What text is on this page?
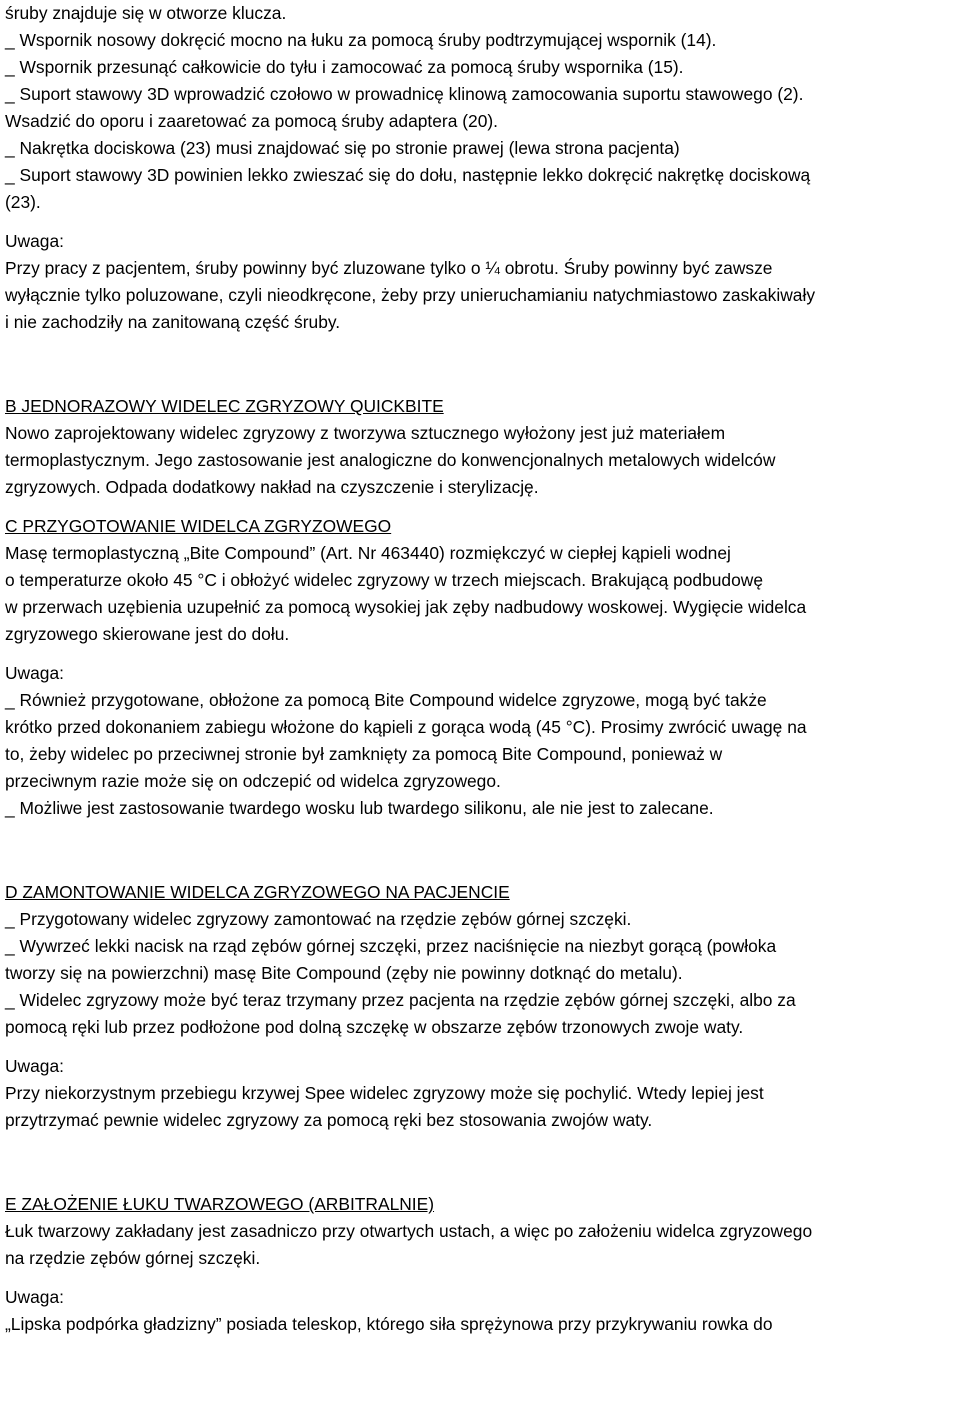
śruby znajduje się w otworze klucza.
_ Wspornik nosowy dokręcić mocno na łuku za pomocą śruby podtrzymującej wspornik (14).
_ Wspornik przesunąć całkowicie do tyłu i zamocować za pomocą śruby wspornika (15).
_ Suport stawowy 3D wprowadzić czołowo w prowadnicę klinową zamocowania suportu stawowego (2).
Wsadzić do oporu i zaaretować za pomocą śruby adaptera (20).
_ Nakrętka dociskowa (23) musi znajdować się po stronie prawej (lewa strona pacjenta)
_ Suport stawowy 3D powinien lekko zwieszać się do dołu, następnie lekko dokręcić nakrętkę dociskową
(23).
Uwaga:
Przy pracy z pacjentem, śruby powinny być zluzowane tylko o ¼ obrotu. Śruby powinny być zawsze
wyłącznie tylko poluzowane, czyli nieodkręcone, żeby przy unieruchamianiu natychmiastowo zaskakiwały
i nie zachodziły na zanitowaną część śruby.
B JEDNORAZOWY WIDELEC ZGRYZOWY QUICKBITE
Nowo zaprojektowany widelec zgryzowy z tworzywa sztucznego wyłożony jest już materiałem
termoplastycznym. Jego zastosowanie jest analogiczne do konwencjonalnych metalowych widelców
zgryzowych. Odpada dodatkowy nakład na czyszczenie i sterylizację.
C PRZYGOTOWANIE WIDELCA ZGRYZOWEGO
Masę termoplastyczną „Bite Compound” (Art. Nr 463440) rozmiękczyć w ciepłej kąpieli wodnej
o temperaturze około 45 °C i obłożyć widelec zgryzowy w trzech miejscach. Brakującą podbudowę
w przerwach uzębienia uzupełnić za pomocą wysokiej jak zęby nadbudowy woskowej. Wygięcie widelca
zgryzowego skierowane jest do dołu.
Uwaga:
_ Również przygotowane, obłożone za pomocą Bite Compound widelce zgryzowe, mogą być także
krótko przed dokonaniem zabiegu włożone do kąpieli z gorąca wodą (45 °C). Prosimy zwrócić uwagę na
to, żeby widelec po przeciwnej stronie był zamknięty za pomocą Bite Compound, ponieważ w
przeciwnym razie może się on odczepić od widelca zgryzowego.
_ Możliwe jest zastosowanie twardego wosku lub twardego silikonu, ale nie jest to zalecane.
D ZAMONTOWANIE WIDELCA ZGRYZOWEGO NA PACJENCIE
_ Przygotowany widelec zgryzowy zamontować na rzędzie zębów górnej szczęki.
_ Wywrzeć lekki nacisk na rząd zębów górnej szczęki, przez naciśnięcie na niezbyt gorącą (powłoka
tworzy się na powierzchni) masę Bite Compound (zęby nie powinny dotknąć do metalu).
_ Widelec zgryzowy może być teraz trzymany przez pacjenta na rzędzie zębów górnej szczęki, albo za
pomocą ręki lub przez podłożone pod dolną szczękę w obszarze zębów trzonowych zwoje waty.
Uwaga:
Przy niekorzystnym przebiegu krzywej Spee widelec zgryzowy może się pochylić. Wtedy lepiej jest
przytrzymać pewnie widelec zgryzowy za pomocą ręki bez stosowania zwojów waty.
E ZAŁOŻENIE ŁUKU TWARZOWEGO (ARBITRALNIE)
Łuk twarzowy zakładany jest zasadniczo przy otwartych ustach, a więc po założeniu widelca zgryzowego
na rzędzie zębów górnej szczęki.
Uwaga:
„Lipska podpórka gładzizny” posiada teleskop, którego siła sprężynowa przy przykrywaniu rowka do
